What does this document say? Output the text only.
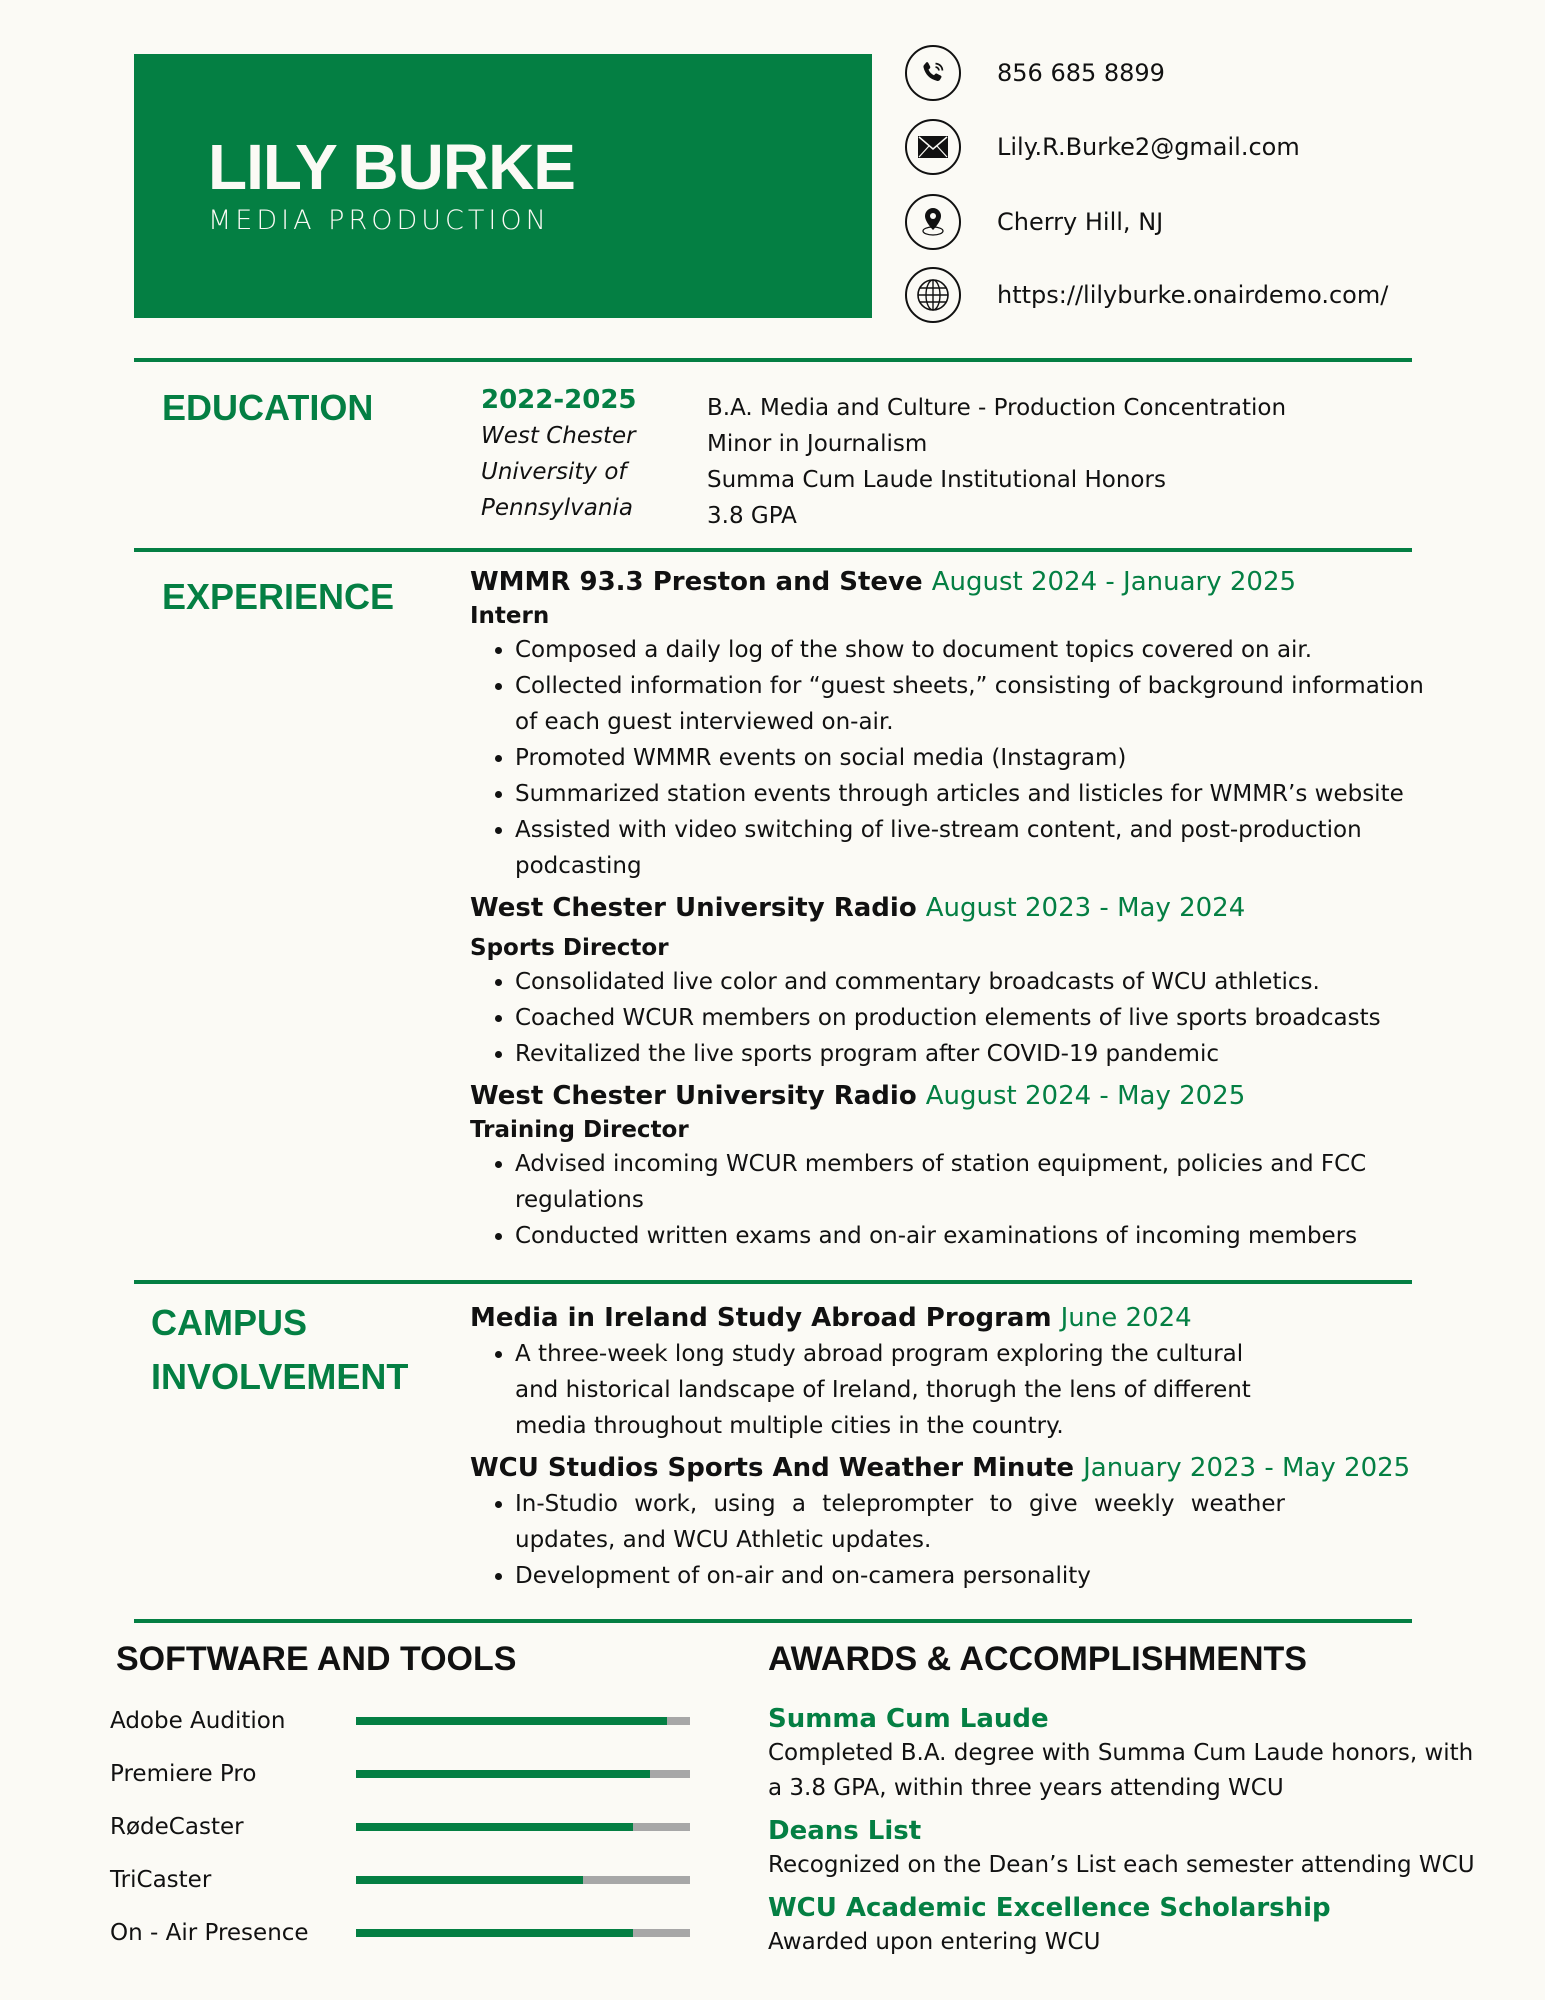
LILY BURKE
MEDIA PRODUCTION
856 685 8899
Lily.R.Burke2@gmail.com
Cherry Hill, NJ
https://lilyburke.onairdemo.com/
EDUCATION	2022-2025
West Chester
University of
Pennsylvania
B.A. Media and Culture - Production Concentration
Minor in Journalism
Summa Cum Laude Institutional Honors
3.8 GPA
EXPERIENCE	WMMR 93.3 Preston and Steve August 2024 - January 2025
Intern
• Composed a daily log of the show to document topics covered on air.
• Collected information for “guest sheets,” consisting of background information of each guest interviewed on-air.
• Promoted WMMR events on social media (Instagram)
• Summarized station events through articles and listicles for WMMR’s website
• Assisted with video switching of live-stream content, and post-production podcasting
West Chester University Radio August 2023 - May 2024
Sports Director
• Consolidated live color and commentary broadcasts of WCU athletics.
• Coached WCUR members on production elements of live sports broadcasts
• Revitalized the live sports program after COVID-19 pandemic
West Chester University Radio August 2024 - May 2025
Training Director
• Advised incoming WCUR members of station equipment, policies and FCC regulations
• Conducted written exams and on-air examinations of incoming members
CAMPUS
INVOLVEMENT
Media in Ireland Study Abroad Program June 2024
• A three-week long study abroad program exploring the cultural and historical landscape of Ireland, thorugh the lens of different media throughout multiple cities in the country.
WCU Studios Sports And Weather Minute January 2023 - May 2025
• In-Studio work, using a teleprompter to give weekly weather updates, and WCU Athletic updates.
• Development of on-air and on-camera personality
SOFTWARE AND TOOLS
Adobe Audition
Premiere Pro
RødeCaster
TriCaster
On - Air Presence
AWARDS & ACCOMPLISHMENTS
Summa Cum Laude
Completed B.A. degree with Summa Cum Laude honors, with a 3.8 GPA, within three years attending WCU
Deans List
Recognized on the Dean’s List each semester attending WCU
WCU Academic Excellence Scholarship
Awarded upon entering WCU
